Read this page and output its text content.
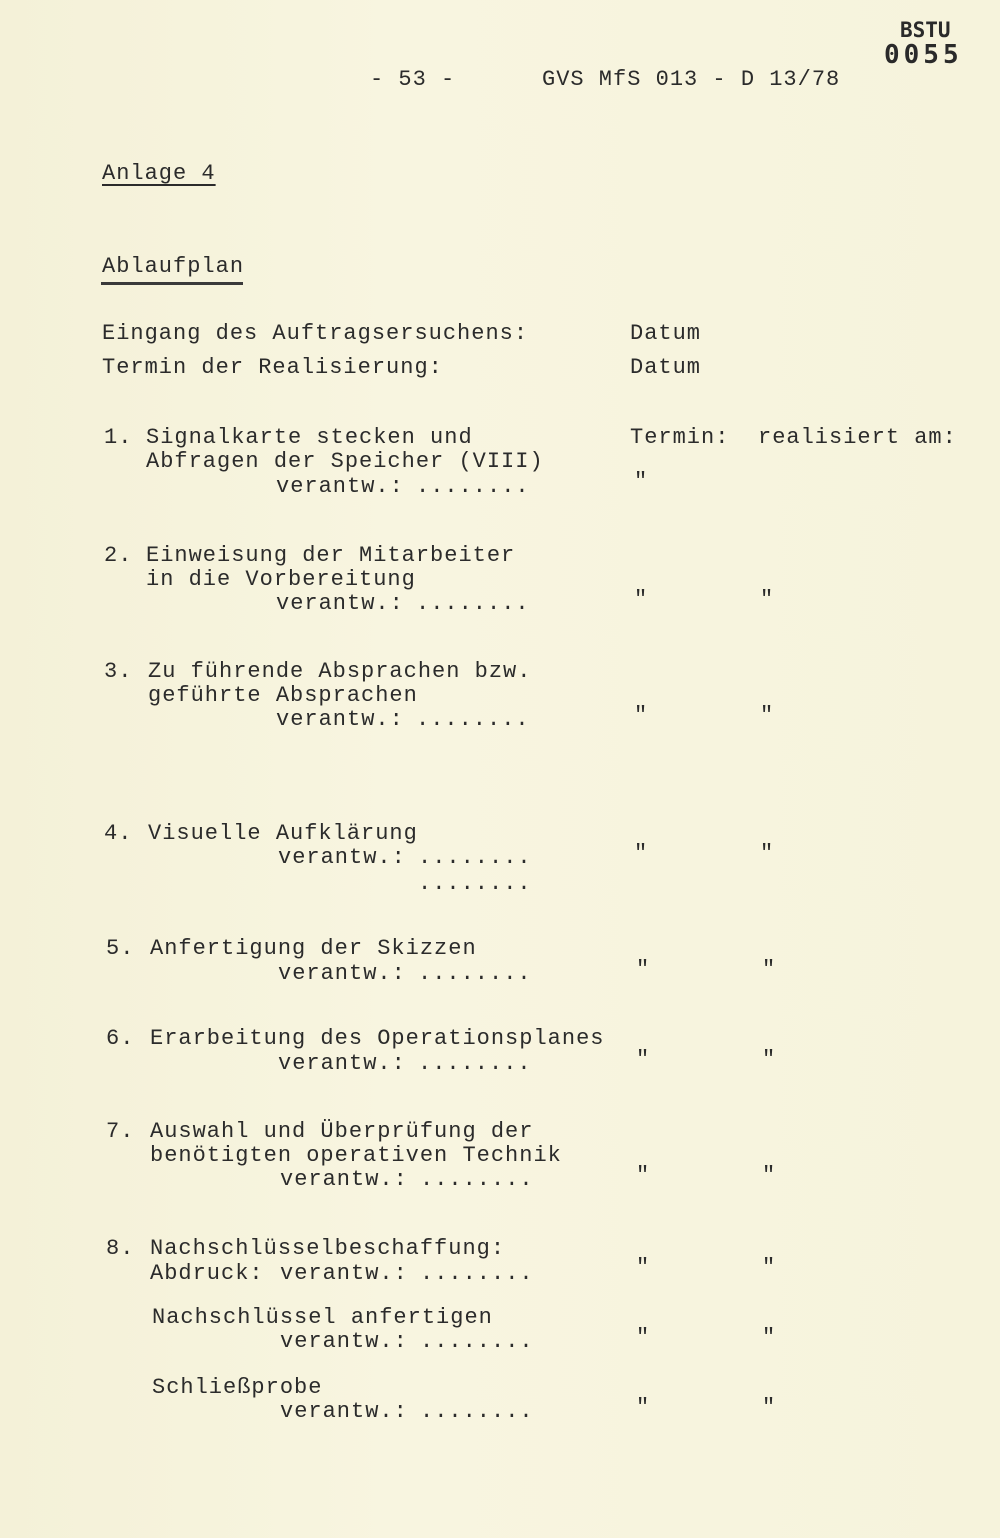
BSTU
0055
- 53 -	GVS MfS 013 - D 13/78
Anlage 4
Ablaufplan
Eingang des Auftragsersuchens:	Datum
Termin der Realisierung:	Datum
1. Signalkarte stecken und
Abfragen der Speicher (VIII)
verantw.: ........
Termin: realisiert am:
"
2. Einweisung der Mitarbeiter
in die Vorbereitung
verantw.: ........	"	"
3. Zu führende Absprachen bzw.
geführte Absprachen
verantw.: ........	"	"
4. Visuelle Aufklärung
verantw.: ........
........
"	"
5. Anfertigung der Skizzen
verantw.: ........	"	"
6. Erarbeitung des Operationsplanes
verantw.: ........	"	"
7. Auswahl und Überprüfung der
benötigten operativen Technik
verantw.: ........	"	"
8. Nachschlüsselbeschaffung:
Abdruck: verantw.: ........	"	"
Nachschlüssel anfertigen
verantw.: ........	"	"
Schließprobe
verantw.: ........	"	"
